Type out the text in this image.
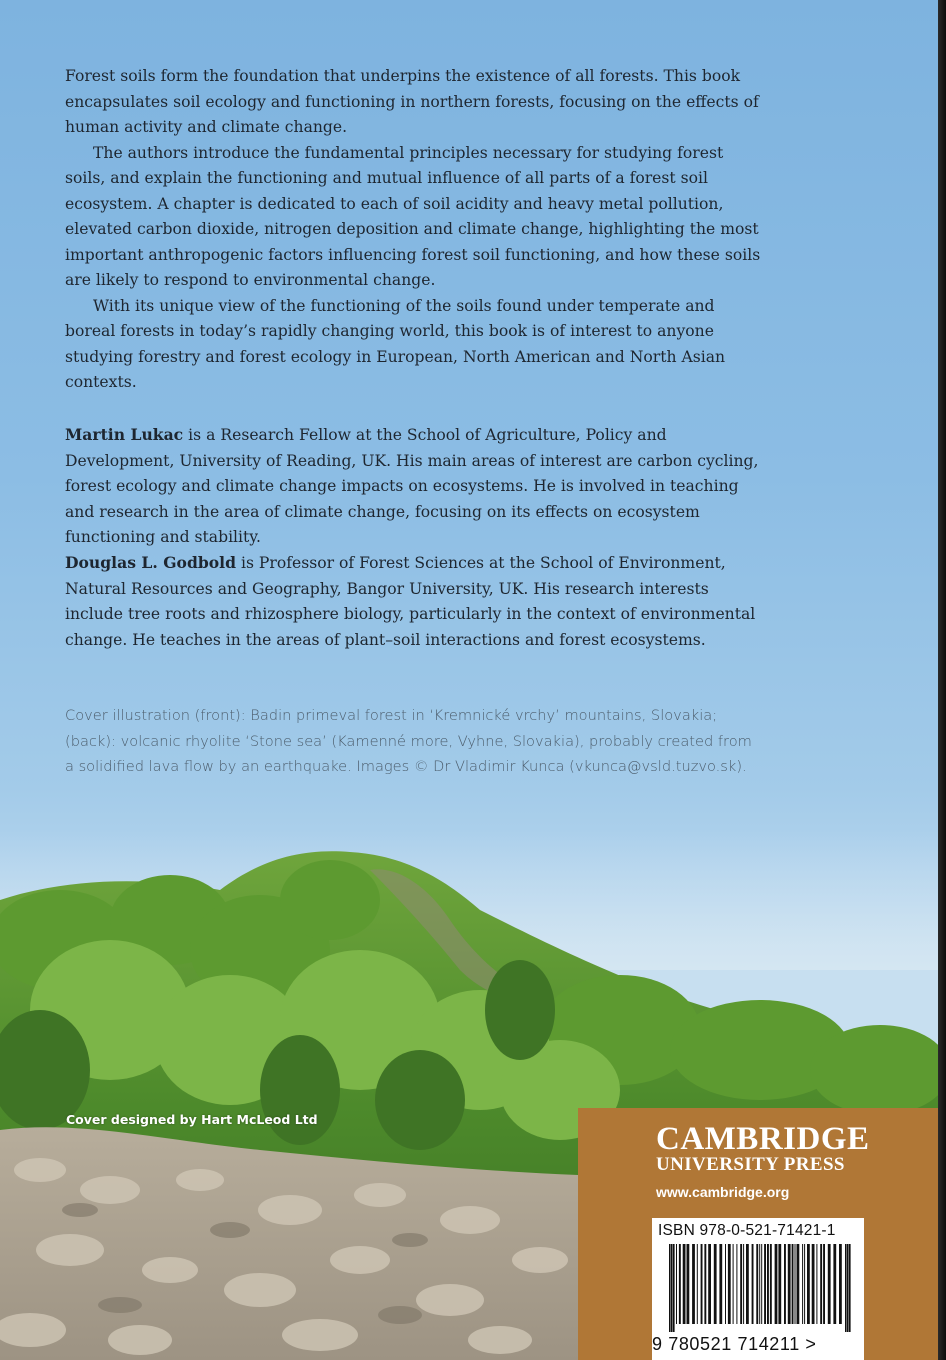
Forest soils form the foundation that underpins the existence of all forests. This book encapsulates soil ecology and functioning in northern forests, focusing on the effects of human activity and climate change.

The authors introduce the fundamental principles necessary for studying forest soils, and explain the functioning and mutual influence of all parts of a forest soil ecosystem. A chapter is dedicated to each of soil acidity and heavy metal pollution, elevated carbon dioxide, nitrogen deposition and climate change, highlighting the most important anthropogenic factors influencing forest soil functioning, and how these soils are likely to respond to environmental change.

With its unique view of the functioning of the soils found under temperate and boreal forests in today’s rapidly changing world, this book is of interest to anyone studying forestry and forest ecology in European, North American and North Asian contexts.

Martin Lukac is a Research Fellow at the School of Agriculture, Policy and Development, University of Reading, UK. His main areas of interest are carbon cycling, forest ecology and climate change impacts on ecosystems. He is involved in teaching and research in the area of climate change, focusing on its effects on ecosystem functioning and stability.

Douglas L. Godbold is Professor of Forest Sciences at the School of Environment, Natural Resources and Geography, Bangor University, UK. His research interests include tree roots and rhizosphere biology, particularly in the context of environmental change. He teaches in the areas of plant–soil interactions and forest ecosystems.

Cover illustration (front): Badin primeval forest in ‘Kremnické vrchy’ mountains, Slovakia; (back): volcanic rhyolite ‘Stone sea’ (Kamenné more, Vyhne, Slovakia), probably created from a solidified lava flow by an earthquake. Images © Dr Vladimir Kunca (vkunca@vsld.tuzvo.sk).

Cover designed by Hart McLeod Ltd
CAMBRIDGE
UNIVERSITY PRESS
www.cambridge.org
ISBN 978-0-521-71421-1
9 780521 714211 >
